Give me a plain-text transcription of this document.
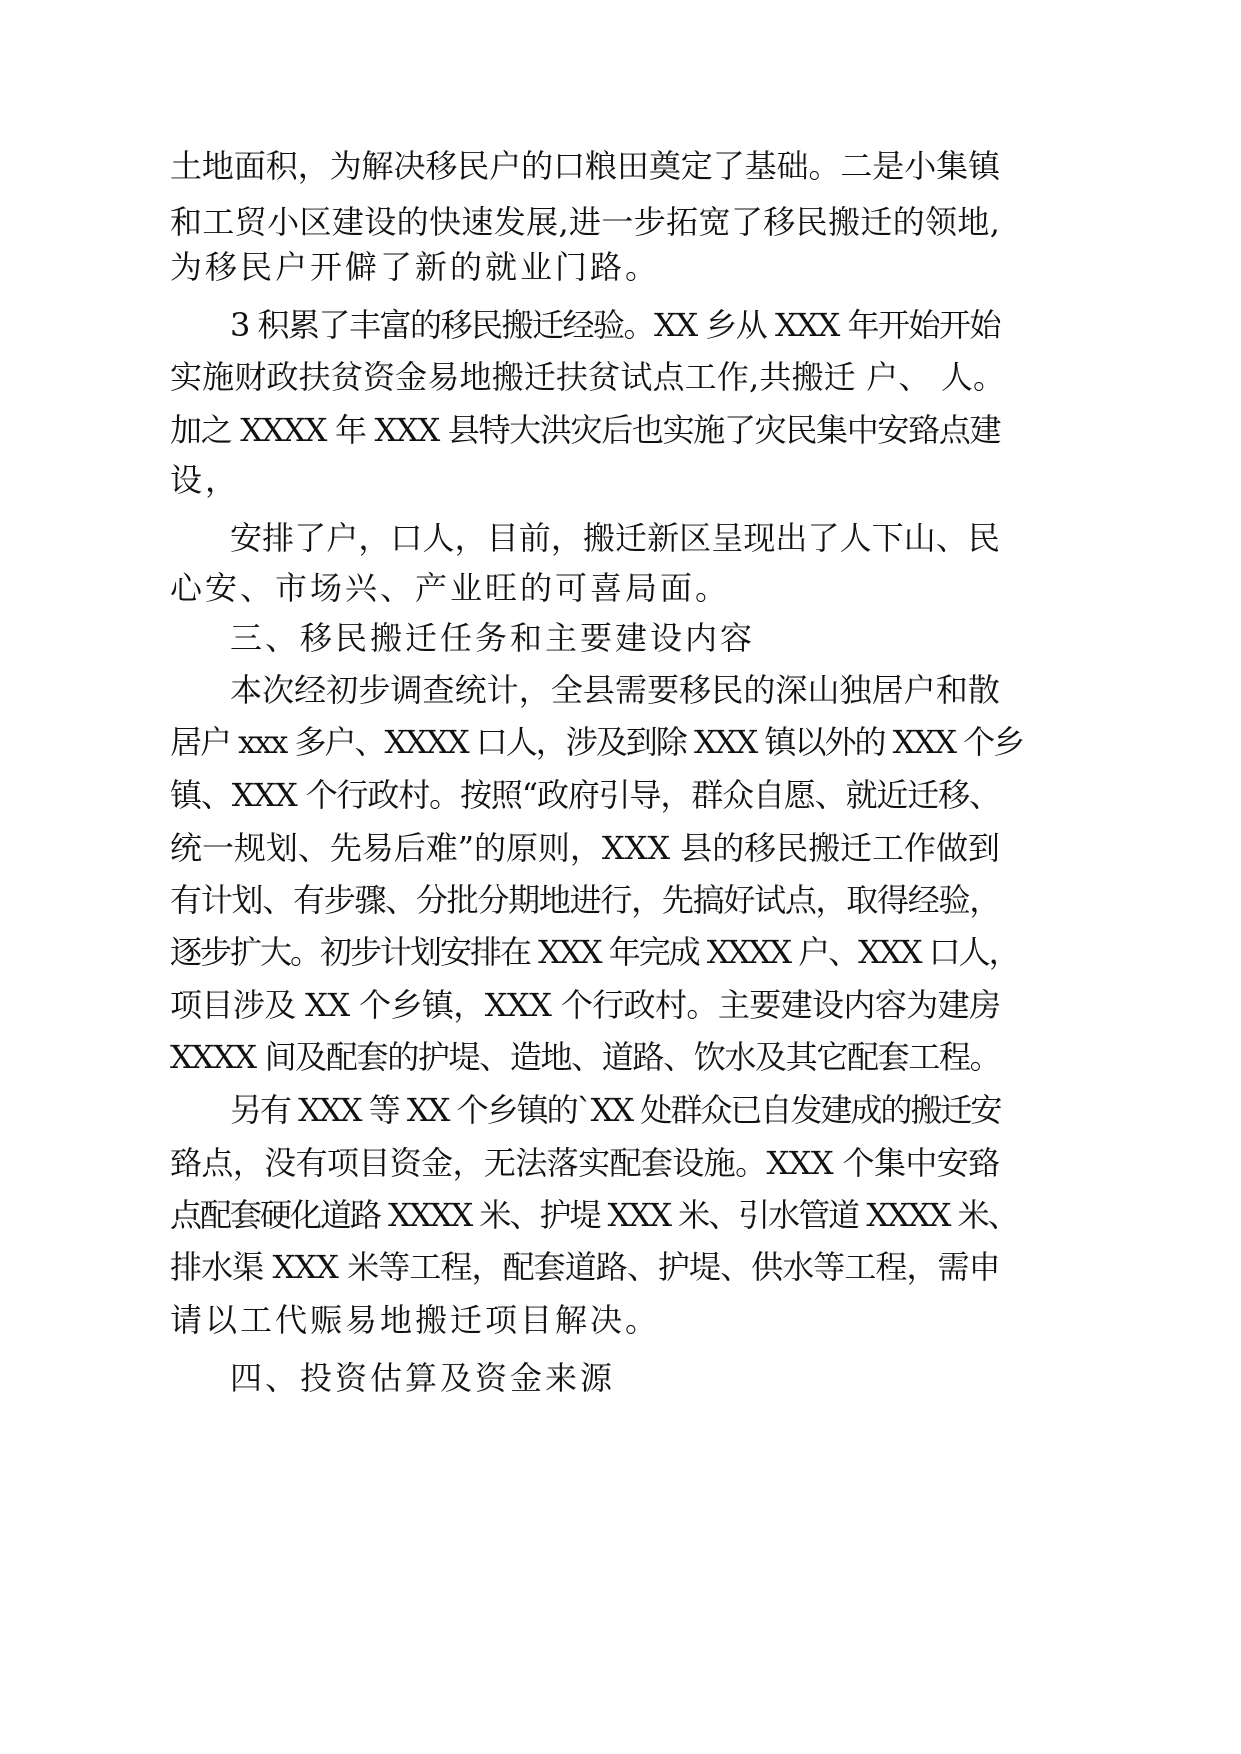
土地面积，为解决移民户的口粮田奠定了基础。二是小集镇

和工贸小区建设的快速发展,进一步拓宽了移民搬迁的领地,

为移民户开僻了新的就业门路。

3 积累了丰富的移民搬迁经验。XX 乡从 XXX 年开始开始

实施财政扶贫资金易地搬迁扶贫试点工作,共搬迁 户、 人。

加之 XXXX 年 XXX 县特大洪灾后也实施了灾民集中安臵点建

设，

安排了户，口人，目前，搬迁新区呈现出了人下山、民

心安、市场兴、产业旺的可喜局面。

三、移民搬迁任务和主要建设内容

本次经初步调查统计，全县需要移民的深山独居户和散

居户 xxx 多户、XXXX 口人，涉及到除 XXX 镇以外的 XXX 个乡

镇、XXX 个行政村。按照“政府引导，群众自愿、就近迁移、

统一规划、先易后难”的原则，XXX 县的移民搬迁工作做到

有计划、有步骤、分批分期地进行，先搞好试点，取得经验，

逐步扩大。初步计划安排在 XXX 年完成 XXXX 户、XXX 口人，

项目涉及 XX 个乡镇，XXX 个行政村。主要建设内容为建房

XXXX 间及配套的护堤、造地、道路、饮水及其它配套工程。

另有 XXX 等 XX 个乡镇的`XX 处群众已自发建成的搬迁安

臵点，没有项目资金，无法落实配套设施。XXX 个集中安臵

点配套硬化道路 XXXX 米、护堤 XXX 米、引水管道 XXXX 米、

排水渠 XXX 米等工程，配套道路、护堤、供水等工程，需申

请以工代赈易地搬迁项目解决。

四、投资估算及资金来源
